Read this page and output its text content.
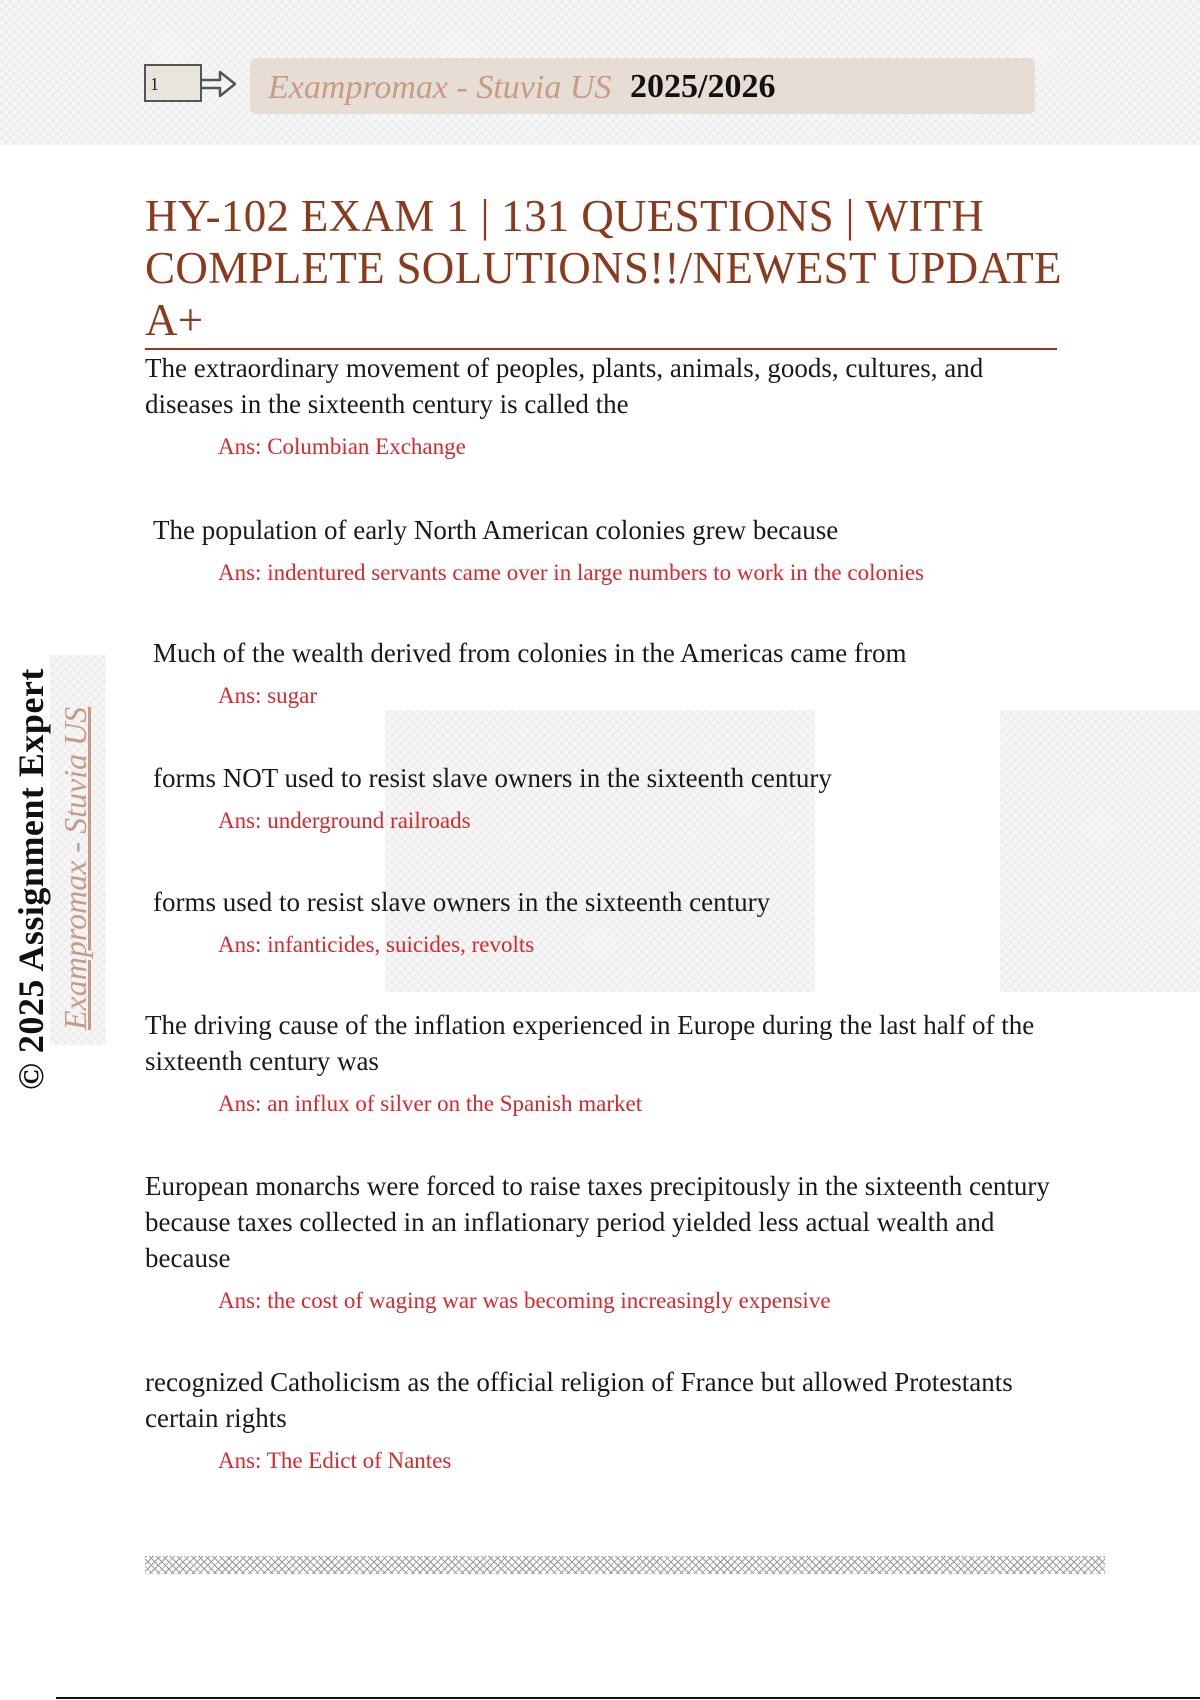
1	Exampromax - Stuvia US 2025/2026
HY-102 EXAM 1 | 131 QUESTIONS | WITH COMPLETE SOLUTIONS!!/NEWEST UPDATE A+
© 2025 Assignment Expert Exampromax - Stuvia US

The extraordinary movement of peoples, plants, animals, goods, cultures, and diseases in the sixteenth century is called the

Ans: Columbian Exchange

The population of early North American colonies grew because

Ans: indentured servants came over in large numbers to work in the colonies

Much of the wealth derived from colonies in the Americas came from

Ans: sugar

forms NOT used to resist slave owners in the sixteenth century

Ans: underground railroads

forms used to resist slave owners in the sixteenth century

Ans: infanticides, suicides, revolts

The driving cause of the inflation experienced in Europe during the last half of the sixteenth century was

Ans: an influx of silver on the Spanish market

European monarchs were forced to raise taxes precipitously in the sixteenth century because taxes collected in an inflationary period yielded less actual wealth and because

Ans: the cost of waging war was becoming increasingly expensive

recognized Catholicism as the official religion of France but allowed Protestants certain rights

Ans: The Edict of Nantes
